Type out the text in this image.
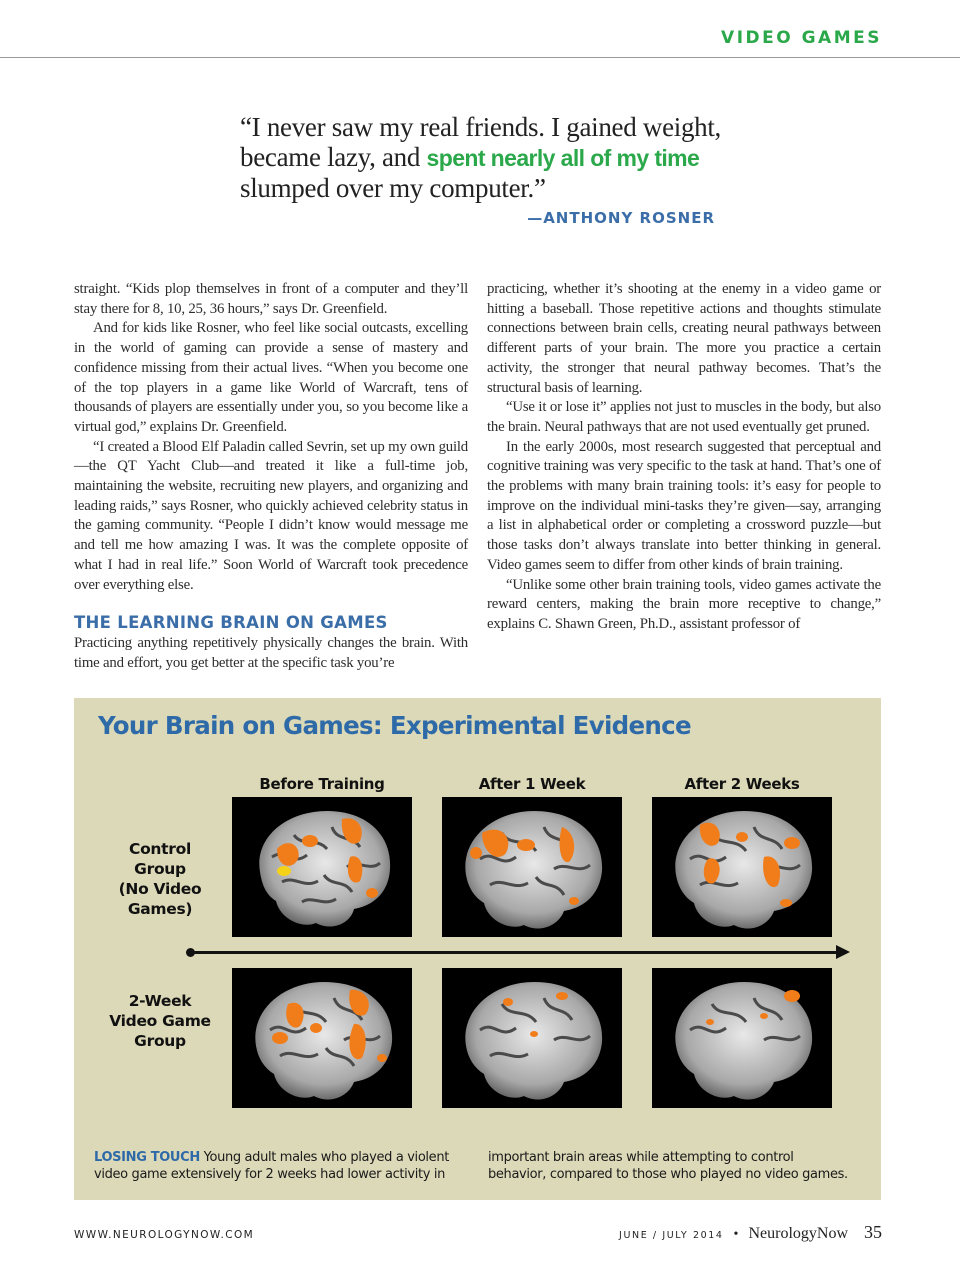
VIDEO GAMES
“I never saw my real friends. I gained weight, became lazy, and spent nearly all of my time slumped over my computer.”
—ANTHONY ROSNER

straight. “Kids plop themselves in front of a computer and they’ll stay there for 8, 10, 25, 36 hours,” says Dr. Greenfield.

And for kids like Rosner, who feel like social outcasts, excelling in the world of gaming can provide a sense of mastery and confidence missing from their actual lives. “When you become one of the top players in a game like World of Warcraft, tens of thousands of players are essentially under you, so you become like a virtual god,” explains Dr. Greenfield.

“I created a Blood Elf Paladin called Sevrin, set up my own guild—the QT Yacht Club—and treated it like a full-time job, maintaining the website, recruiting new players, and organizing and leading raids,” says Rosner, who quickly achieved celebrity status in the gaming community. “People I didn’t know would message me and tell me how amazing I was. It was the complete opposite of what I had in real life.” Soon World of Warcraft took precedence over everything else.

THE LEARNING BRAIN ON GAMES

Practicing anything repetitively physically changes the brain. With time and effort, you get better at the specific task you’re

practicing, whether it’s shooting at the enemy in a video game or hitting a baseball. Those repetitive actions and thoughts stimulate connections between brain cells, creating neural pathways between different parts of your brain. The more you practice a certain activity, the stronger that neural pathway becomes. That’s the structural basis of learning.

“Use it or lose it” applies not just to muscles in the body, but also the brain. Neural pathways that are not used eventually get pruned.

In the early 2000s, most research suggested that perceptual and cognitive training was very specific to the task at hand. That’s one of the problems with many brain training tools: it’s easy for people to improve on the individual mini-tasks they’re given—say, arranging a list in alphabetical order or completing a crossword puzzle—but those tasks don’t always translate into better thinking in general. Video games seem to differ from other kinds of brain training.

“Unlike some other brain training tools, video games activate the reward centers, making the brain more receptive to change,” explains C. Shawn Green, Ph.D., assistant professor of

Your Brain on Games: Experimental Evidence
Before Training	After 1 Week	After 2 Weeks
Control
Group
(No Video
Games)
2-Week
Video Game
Group
LOSING TOUCH Young adult males who played a violent video game extensively for 2 weeks had lower activity in
important brain areas while attempting to control behavior, compared to those who played no video games.
WWW.NEUROLOGYNOW.COM	JUNE / JULY 2014 • NeurologyNow 35
